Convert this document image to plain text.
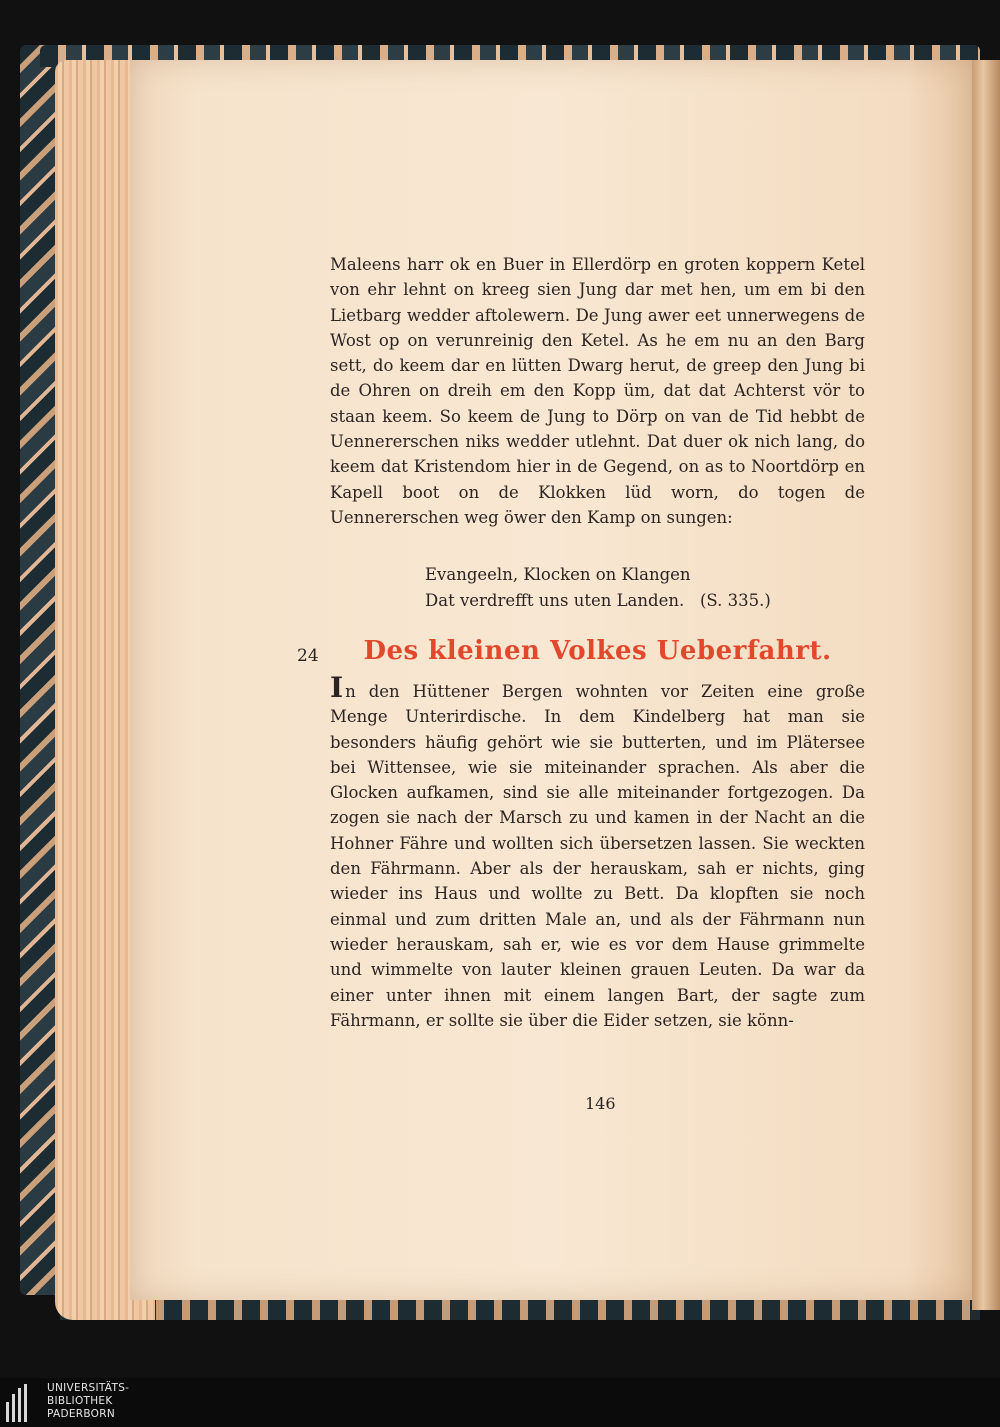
Maleens harr ok en Buer in Ellerdörp en groten koppern Ketel von ehr lehnt on kreeg sien Jung dar met hen, um em bi den Lietbarg wedder aftolewern. De Jung awer eet unnerwegens de Wost op on verunreinig den Ketel. As he em nu an den Barg sett, do keem dar en lütten Dwarg herut, de greep den Jung bi de Ohren on dreih em den Kopp üm, dat dat Achterst vör to staan keem. So keem de Jung to Dörp on van de Tid hebbt de Uennererschen niks wedder utlehnt. Dat duer ok nich lang, do keem dat Kristendom hier in de Gegend, on as to Noortdörp en Kapell boot on de Klokken lüd worn, do togen de Uennererschen weg öwer den Kamp on sungen:

Evangeeln, Klocken on Klangen
Dat verdrefft uns uten Landen.   (S. 335.)

24	Des kleinen Volkes Ueberfahrt.

In den Hüttener Bergen wohnten vor Zeiten eine große Menge Unterirdische. In dem Kindelberg hat man sie besonders häufig gehört wie sie butterten, und im Plätersee bei Wittensee, wie sie miteinander sprachen. Als aber die Glocken aufkamen, sind sie alle miteinander fortgezogen. Da zogen sie nach der Marsch zu und kamen in der Nacht an die Hohner Fähre und wollten sich übersetzen lassen. Sie weckten den Fährmann. Aber als der herauskam, sah er nichts, ging wieder ins Haus und wollte zu Bett. Da klopften sie noch einmal und zum dritten Male an, und als der Fährmann nun wieder herauskam, sah er, wie es vor dem Hause grimmelte und wimmelte von lauter kleinen grauen Leuten. Da war da einer unter ihnen mit einem langen Bart, der sagte zum Fährmann, er sollte sie über die Eider setzen, sie könn-

146

UNIVERSITÄTS-
BIBLIOTHEK
PADERBORN
